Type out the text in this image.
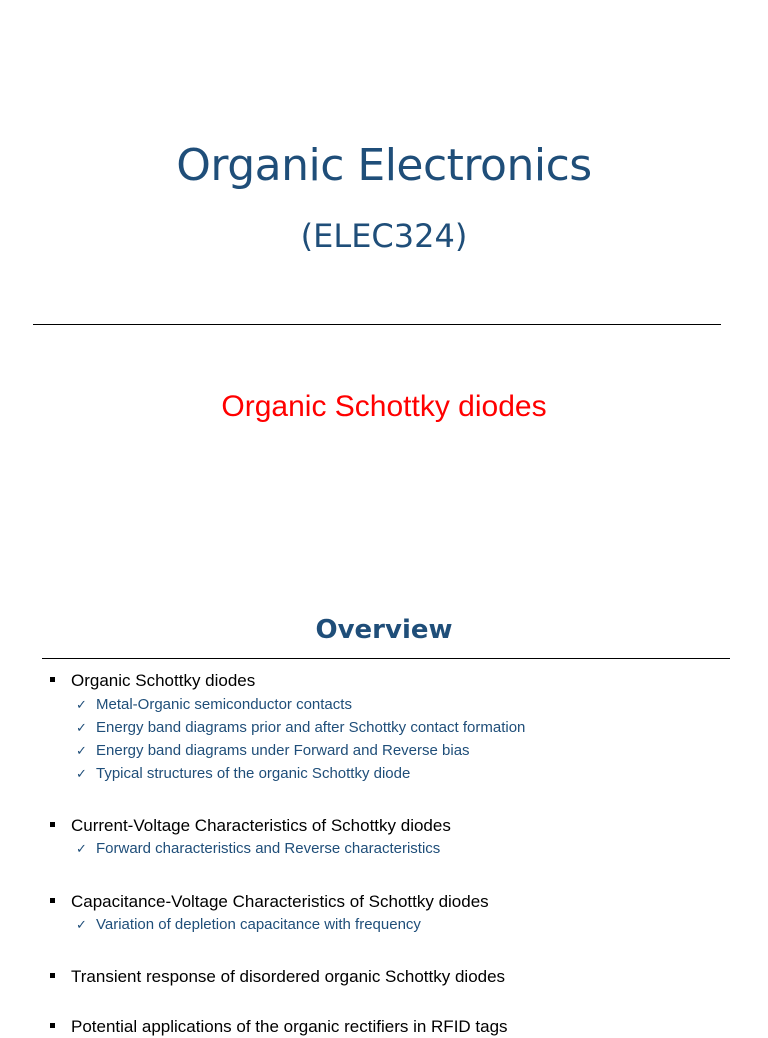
Organic Electronics
(ELEC324)
Organic Schottky diodes
Overview
Organic Schottky diodes
✓ Metal-Organic semiconductor contacts
✓ Energy band diagrams prior and after Schottky contact formation
✓ Energy band diagrams under Forward and Reverse bias
✓ Typical structures of the organic Schottky diode
Current-Voltage Characteristics of Schottky diodes
✓ Forward characteristics and Reverse characteristics
Capacitance-Voltage Characteristics of Schottky diodes
✓ Variation of depletion capacitance with frequency
Transient response of disordered organic Schottky diodes
Potential applications of the organic rectifiers in RFID tags
